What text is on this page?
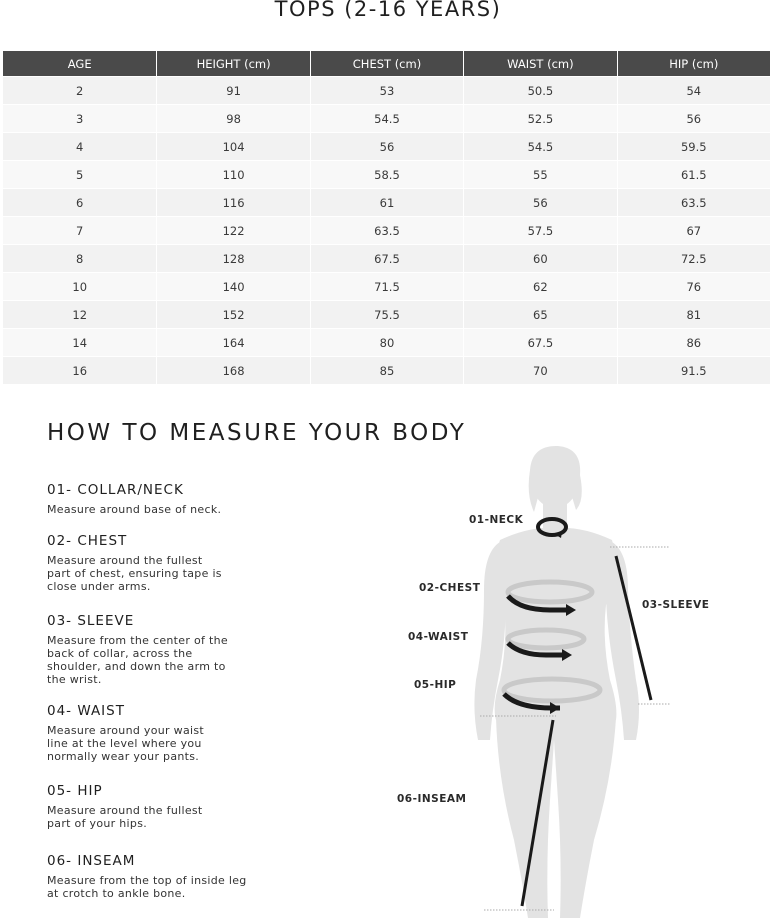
TOPS (2-16 YEARS)
AGE	HEIGHT (cm)	CHEST (cm)	WAIST (cm)	HIP (cm)
2	91	53	50.5	54
3	98	54.5	52.5	56
4	104	56	54.5	59.5
5	110	58.5	55	61.5
6	116	61	56	63.5
7	122	63.5	57.5	67
8	128	67.5	60	72.5
10	140	71.5	62	76
12	152	75.5	65	81
14	164	80	67.5	86
16	168	85	70	91.5
HOW TO MEASURE YOUR BODY

01- COLLAR/NECK

Measure around base of neck.

02- CHEST

Measure around the fullest part of chest, ensuring tape is close under arms.

03- SLEEVE

Measure from the center of the back of collar, across the shoulder, and down the arm to the wrist.

04- WAIST

Measure around your waist line at the level where you normally wear your pants.

05- HIP

Measure around the fullest part of your hips.

06- INSEAM

Measure from the top of inside leg at crotch to ankle bone.

01-NECK
02-CHEST
03-SLEEVE
04-WAIST
05-HIP
06-INSEAM
